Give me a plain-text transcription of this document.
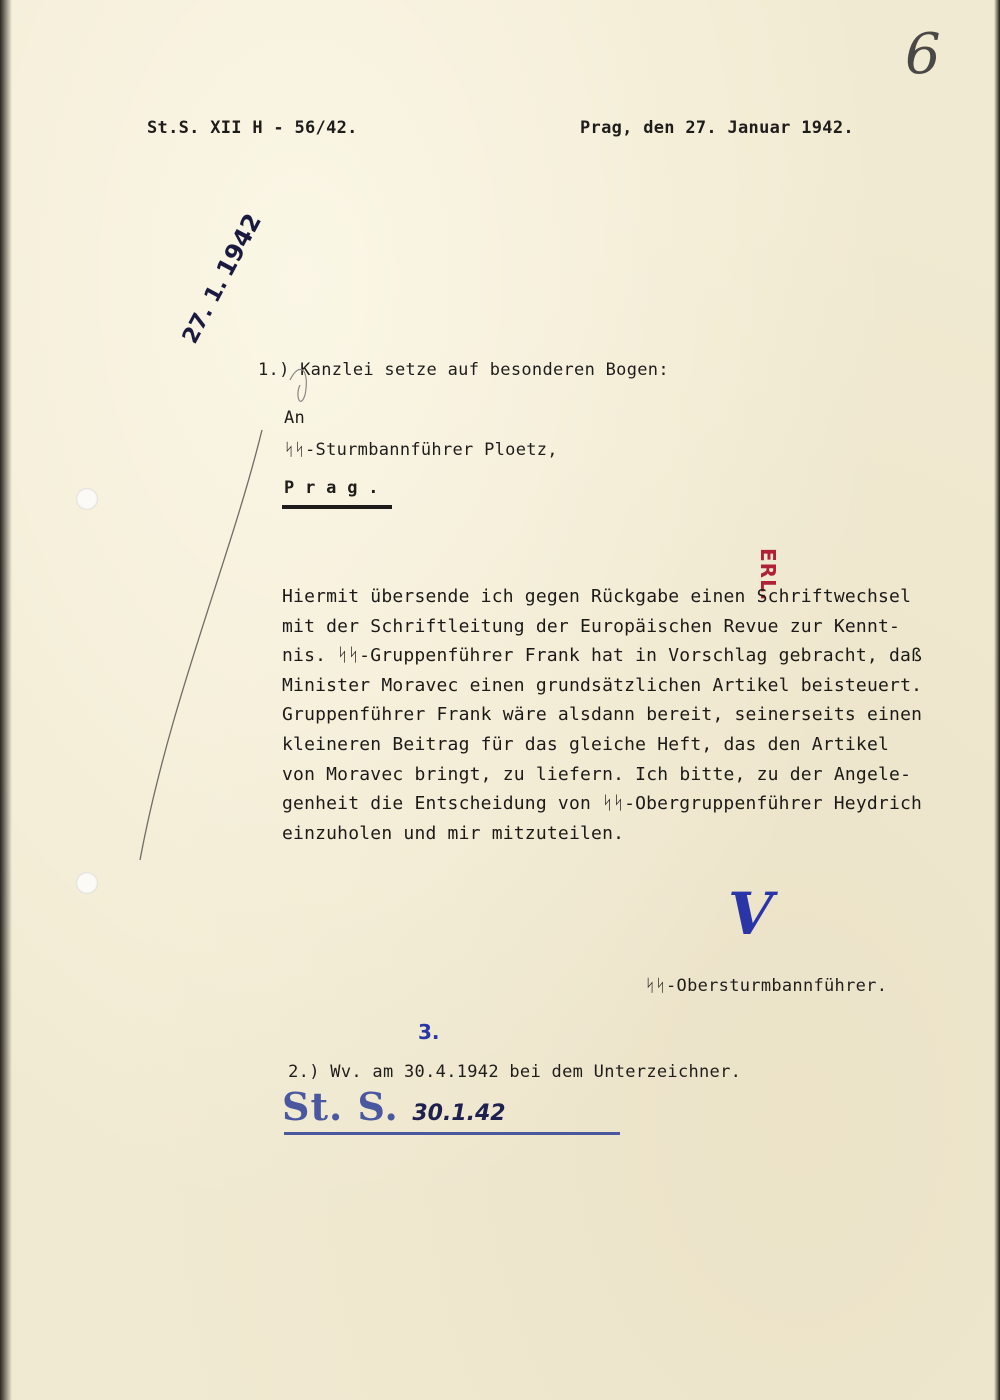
6
St.S. XII H - 56/42.	Prag, den 27. Januar 1942.
27. 1. 1942
1.) Kanzlei setze auf besonderen Bogen:
An
ᛋᛋ-Sturmbannführer Ploetz,
P r a g .
ERL.
Hiermit übersende ich gegen Rückgabe einen Schriftwechsel
mit der Schriftleitung der Europäischen Revue zur Kennt-
nis. ᛋᛋ-Gruppenführer Frank hat in Vorschlag gebracht, daß
Minister Moravec einen grundsätzlichen Artikel beisteuert.
Gruppenführer Frank wäre alsdann bereit, seinerseits einen
kleineren Beitrag für das gleiche Heft, das den Artikel
von Moravec bringt, zu liefern. Ich bitte, zu der Angele-
genheit die Entscheidung von ᛋᛋ-Obergruppenführer Heydrich
einzuholen und mir mitzuteilen.
V
ᛋᛋ-Obersturmbannführer.

2.) Wv. am 30.4.1942 bei dem Unterzeichner.

3.
St. S. 30.1.42
